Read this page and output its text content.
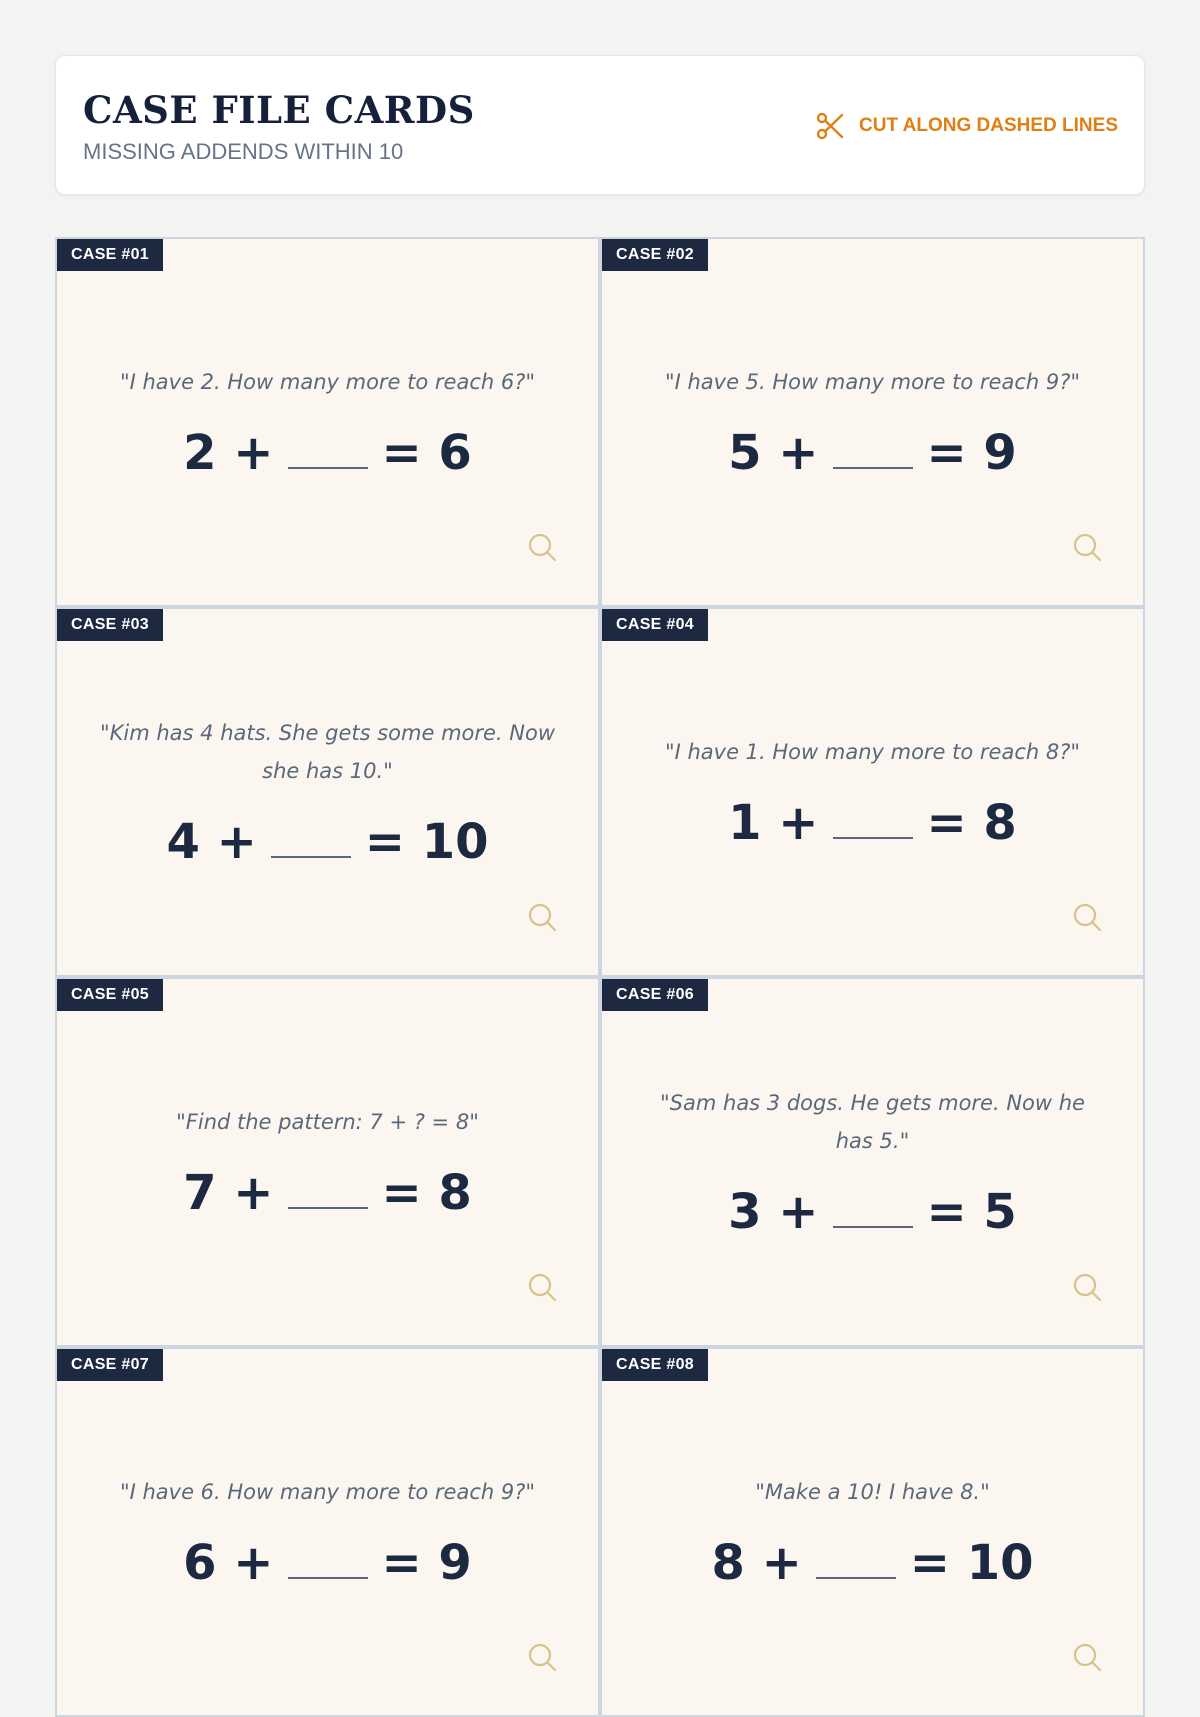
CASE FILE CARDS
MISSING ADDENDS WITHIN 10
CUT ALONG DASHED LINES
CASE #01
"I have 2. How many more to reach 6?"
2 + = 6
CASE #02
"I have 5. How many more to reach 9?"
5 + = 9
CASE #03
"Kim has 4 hats. She gets some more. Now she has 10."
4 + = 10
CASE #04
"I have 1. How many more to reach 8?"
1 + = 8
CASE #05
"Find the pattern: 7 + ? = 8"
7 + = 8
CASE #06
"Sam has 3 dogs. He gets more. Now he has 5."
3 + = 5
CASE #07
"I have 6. How many more to reach 9?"
6 + = 9
CASE #08
"Make a 10! I have 8."
8 + = 10
